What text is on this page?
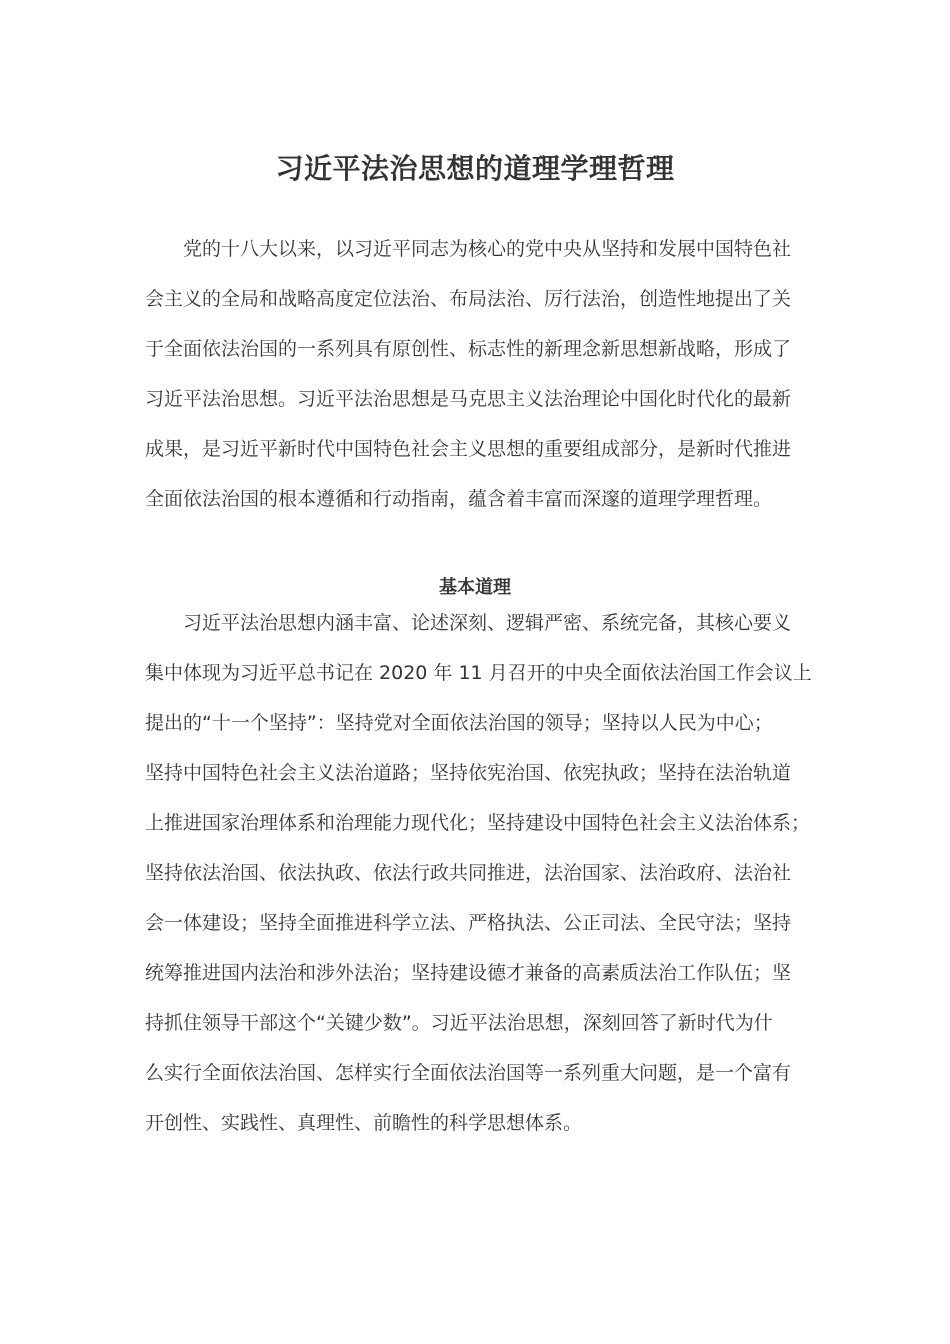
习近平法治思想的道理学理哲理

党的十八大以来，以习近平同志为核心的党中央从坚持和发展中国特色社
会主义的全局和战略高度定位法治、布局法治、厉行法治，创造性地提出了关
于全面依法治国的一系列具有原创性、标志性的新理念新思想新战略，形成了
习近平法治思想。习近平法治思想是马克思主义法治理论中国化时代化的最新
成果，是习近平新时代中国特色社会主义思想的重要组成部分，是新时代推进
全面依法治国的根本遵循和行动指南，蕴含着丰富而深邃的道理学理哲理。

基本道理

习近平法治思想内涵丰富、论述深刻、逻辑严密、系统完备，其核心要义
集中体现为习近平总书记在 2020 年 11 月召开的中央全面依法治国工作会议上
提出的“十一个坚持”：坚持党对全面依法治国的领导；坚持以人民为中心；
坚持中国特色社会主义法治道路；坚持依宪治国、依宪执政；坚持在法治轨道
上推进国家治理体系和治理能力现代化；坚持建设中国特色社会主义法治体系；
坚持依法治国、依法执政、依法行政共同推进，法治国家、法治政府、法治社
会一体建设；坚持全面推进科学立法、严格执法、公正司法、全民守法；坚持
统筹推进国内法治和涉外法治；坚持建设德才兼备的高素质法治工作队伍；坚
持抓住领导干部这个“关键少数”。习近平法治思想，深刻回答了新时代为什
么实行全面依法治国、怎样实行全面依法治国等一系列重大问题，是一个富有
开创性、实践性、真理性、前瞻性的科学思想体系。
